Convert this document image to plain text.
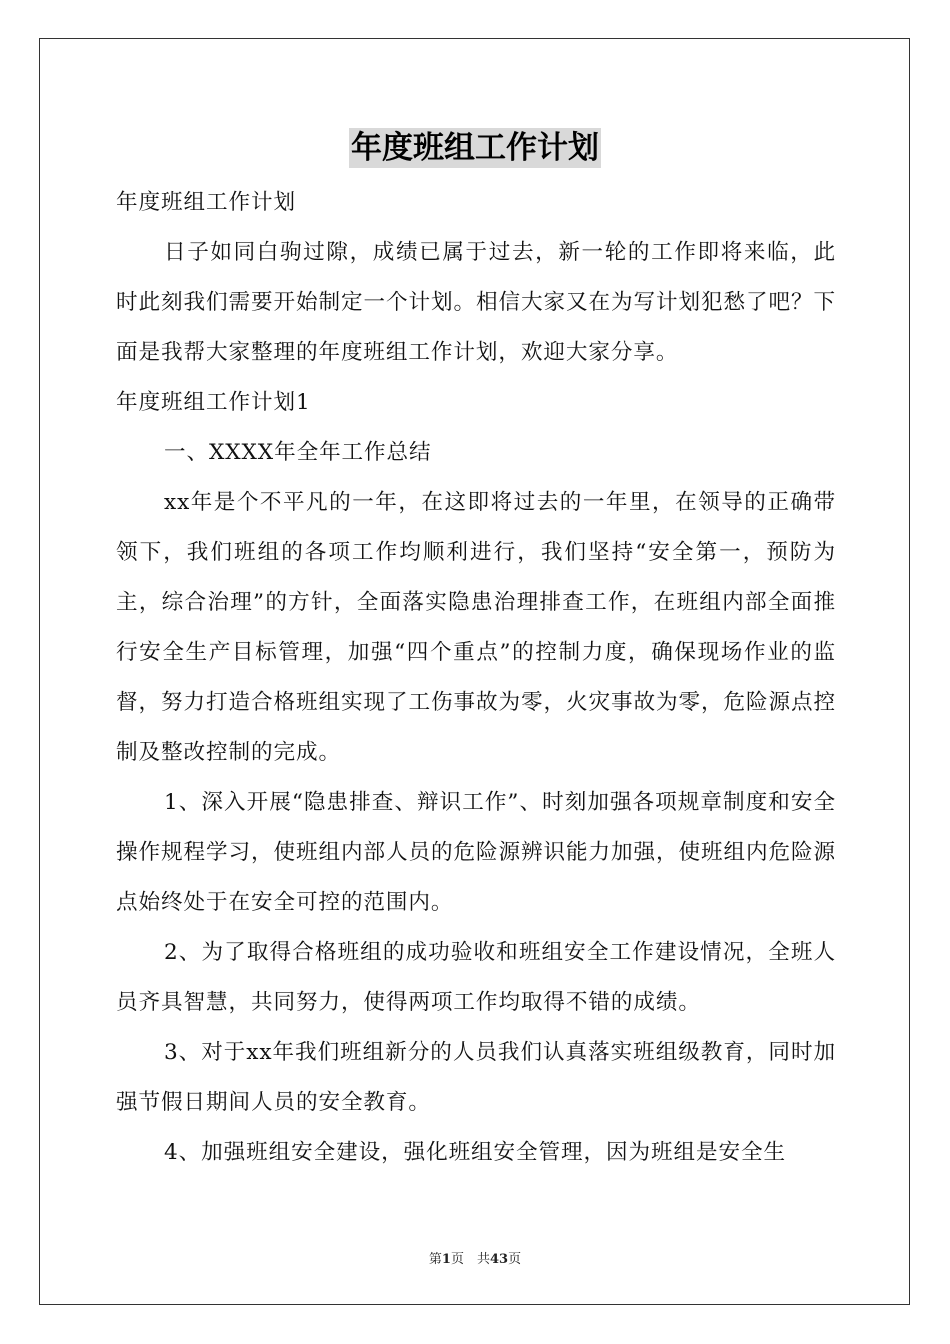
年度班组工作计划

年度班组工作计划

日子如同白驹过隙，成绩已属于过去，新一轮的工作即将来临，此时此刻我们需要开始制定一个计划。相信大家又在为写计划犯愁了吧？下面是我帮大家整理的年度班组工作计划，欢迎大家分享。

年度班组工作计划1

一、XXXX年全年工作总结

xx年是个不平凡的一年，在这即将过去的一年里，在领导的正确带领下，我们班组的各项工作均顺利进行，我们坚持“安全第一，预防为主，综合治理”的方针，全面落实隐患治理排查工作，在班组内部全面推行安全生产目标管理，加强“四个重点”的控制力度，确保现场作业的监督，努力打造合格班组实现了工伤事故为零，火灾事故为零，危险源点控制及整改控制的完成。

1、深入开展“隐患排查、辩识工作”、时刻加强各项规章制度和安全操作规程学习，使班组内部人员的危险源辨识能力加强，使班组内危险源点始终处于在安全可控的范围内。

2、为了取得合格班组的成功验收和班组安全工作建设情况，全班人员齐具智慧，共同努力，使得两项工作均取得不错的成绩。

3、对于xx年我们班组新分的人员我们认真落实班组级教育，同时加强节假日期间人员的安全教育。

4、加强班组安全建设，强化班组安全管理，因为班组是安全生

第1页　共43页
